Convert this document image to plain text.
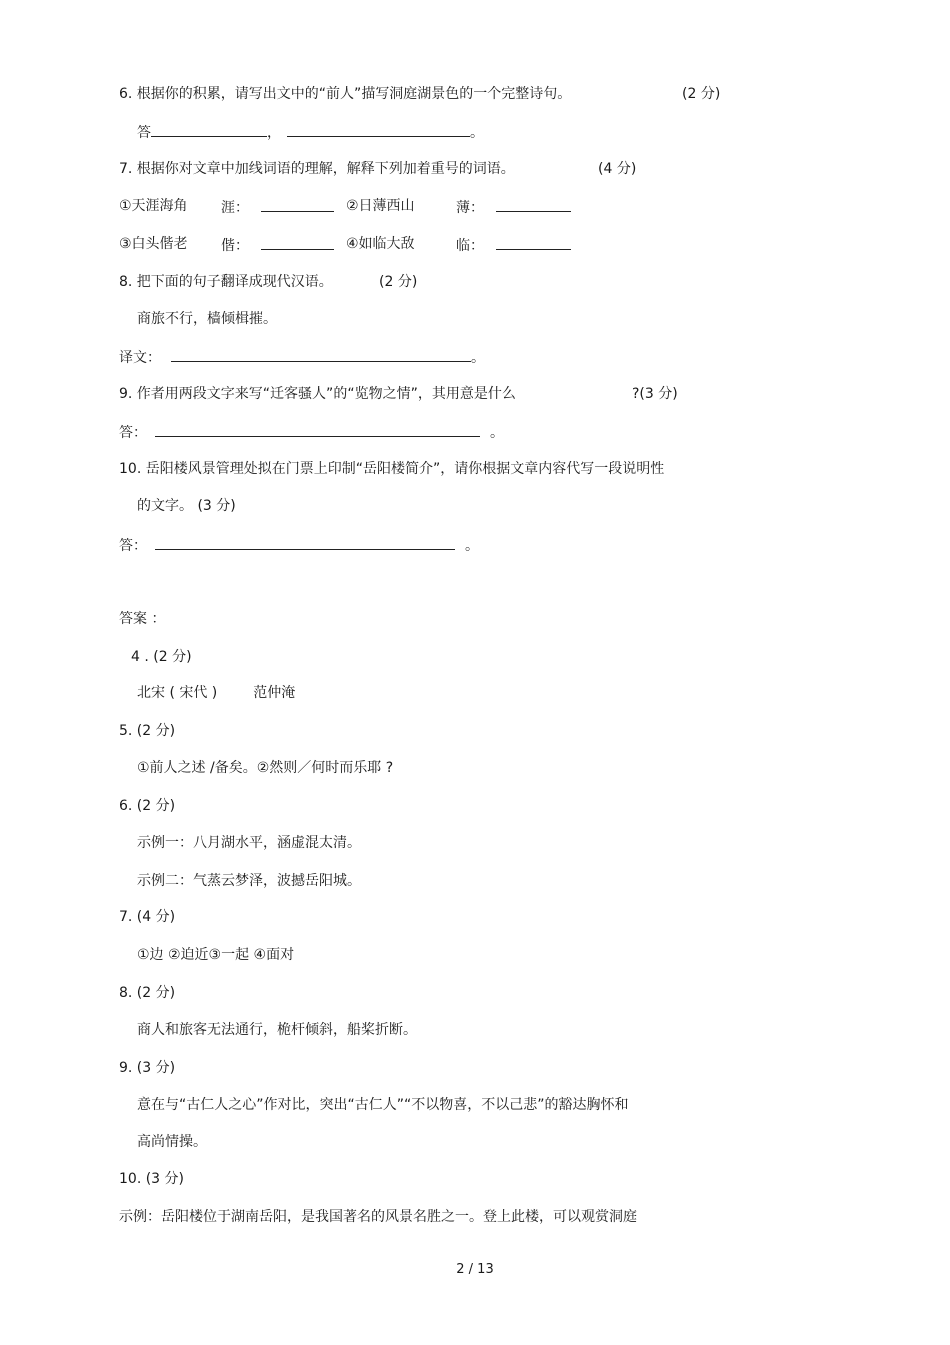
6. 根据你的积累，请写出文中的“前人”描写洞庭湖景色的一个完整诗句。	(2 分)
答	，	。
7. 根据你对文章中加线词语的理解，解释下列加着重号的词语。	(4 分)
①天涯海角 涯：	②日薄西山	薄：
③白头偕老 偕：	④如临大敌	临：
8. 把下面的句子翻译成现代汉语。	(2 分)
商旅不行，樯倾楫摧。
译文：	。
9. 作者用两段文字来写“迁客骚人”的“览物之情”，其用意是什么	?(3 分)
答：	。
10. 岳阳楼风景管理处拟在门票上印制“岳阳楼简介”，请你根据文章内容代写一段说明性
的文字。 (3 分)
答：	。
答案 ：
4 . (2 分)
北宋 ( 宋代 )	范仲淹
5. (2 分)
①前人之述 /备矣。②然则／何时而乐耶 ?
6. (2 分)
示例一：八月湖水平，涵虚混太清。
示例二：气蒸云梦泽，波撼岳阳城。
7. (4 分)
①边 ②迫近③一起 ④面对
8. (2 分)
商人和旅客无法通行，桅杆倾斜，船桨折断。
9. (3 分)
意在与“古仁人之心”作对比，突出“古仁人”“不以物喜，不以己悲”的豁达胸怀和
高尚情操。
10. (3 分)
示例：岳阳楼位于湖南岳阳，是我国著名的风景名胜之一。登上此楼，可以观赏洞庭
2 / 13
